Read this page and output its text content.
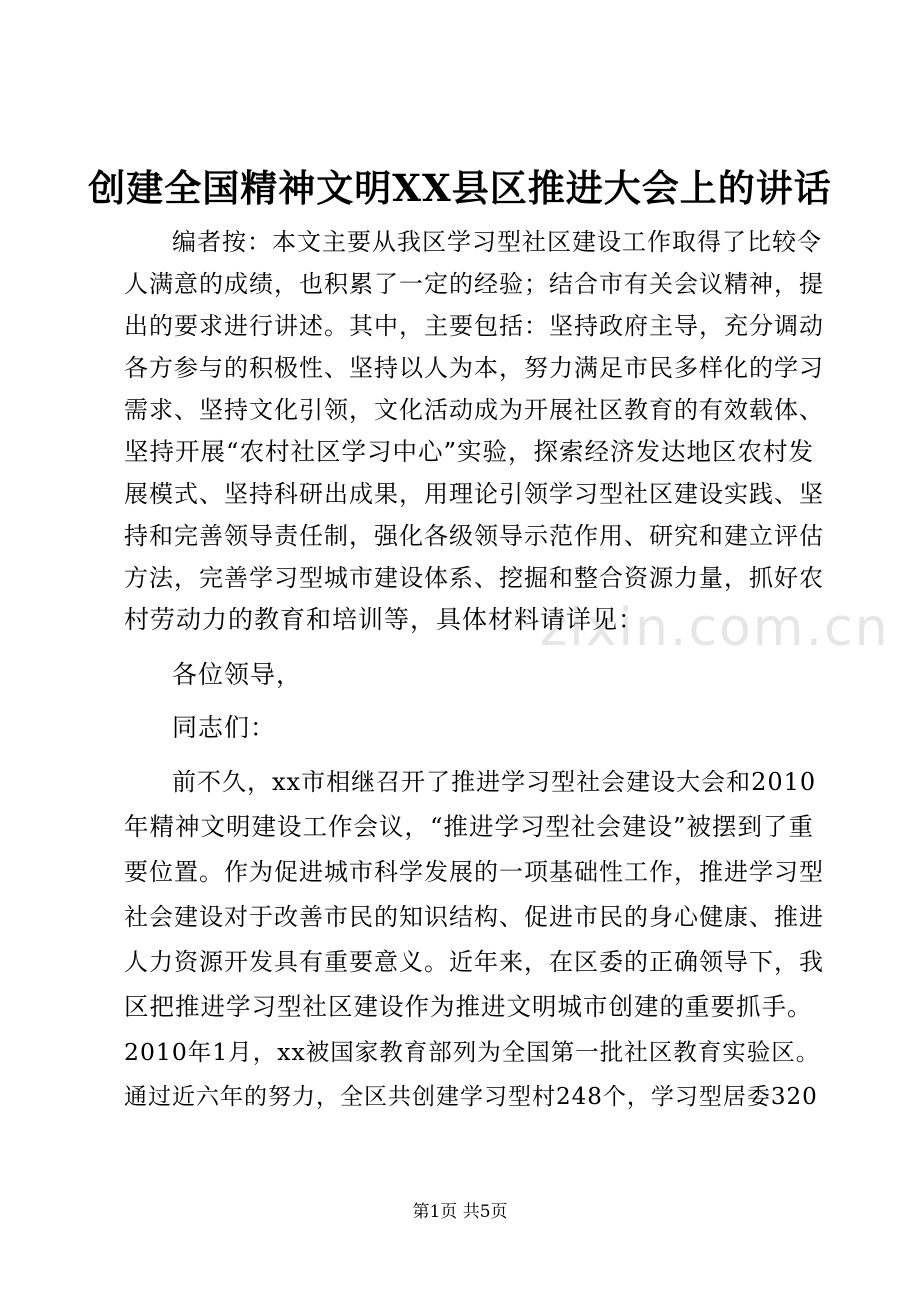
创建全国精神文明XX县区推进大会上的讲话
zixin.com.cn
编者按：本文主要从我区学习型社区建设工作取得了比较令
人满意的成绩，也积累了一定的经验；结合市有关会议精神，提
出的要求进行讲述。其中，主要包括：坚持政府主导，充分调动
各方参与的积极性、坚持以人为本，努力满足市民多样化的学习
需求、坚持文化引领，文化活动成为开展社区教育的有效载体、
坚持开展“农村社区学习中心”实验，探索经济发达地区农村发
展模式、坚持科研出成果，用理论引领学习型社区建设实践、坚
持和完善领导责任制，强化各级领导示范作用、研究和建立评估
方法，完善学习型城市建设体系、挖掘和整合资源力量，抓好农
村劳动力的教育和培训等，具体材料请详见：
各位领导，
同志们：
前不久，xx市相继召开了推进学习型社会建设大会和2010
年精神文明建设工作会议，“推进学习型社会建设”被摆到了重
要位置。作为促进城市科学发展的一项基础性工作，推进学习型
社会建设对于改善市民的知识结构、促进市民的身心健康、推进
人力资源开发具有重要意义。近年来，在区委的正确领导下，我
区把推进学习型社区建设作为推进文明城市创建的重要抓手。
2010年1月，xx被国家教育部列为全国第一批社区教育实验区。
通过近六年的努力，全区共创建学习型村248个，学习型居委320
第1页 共5页
